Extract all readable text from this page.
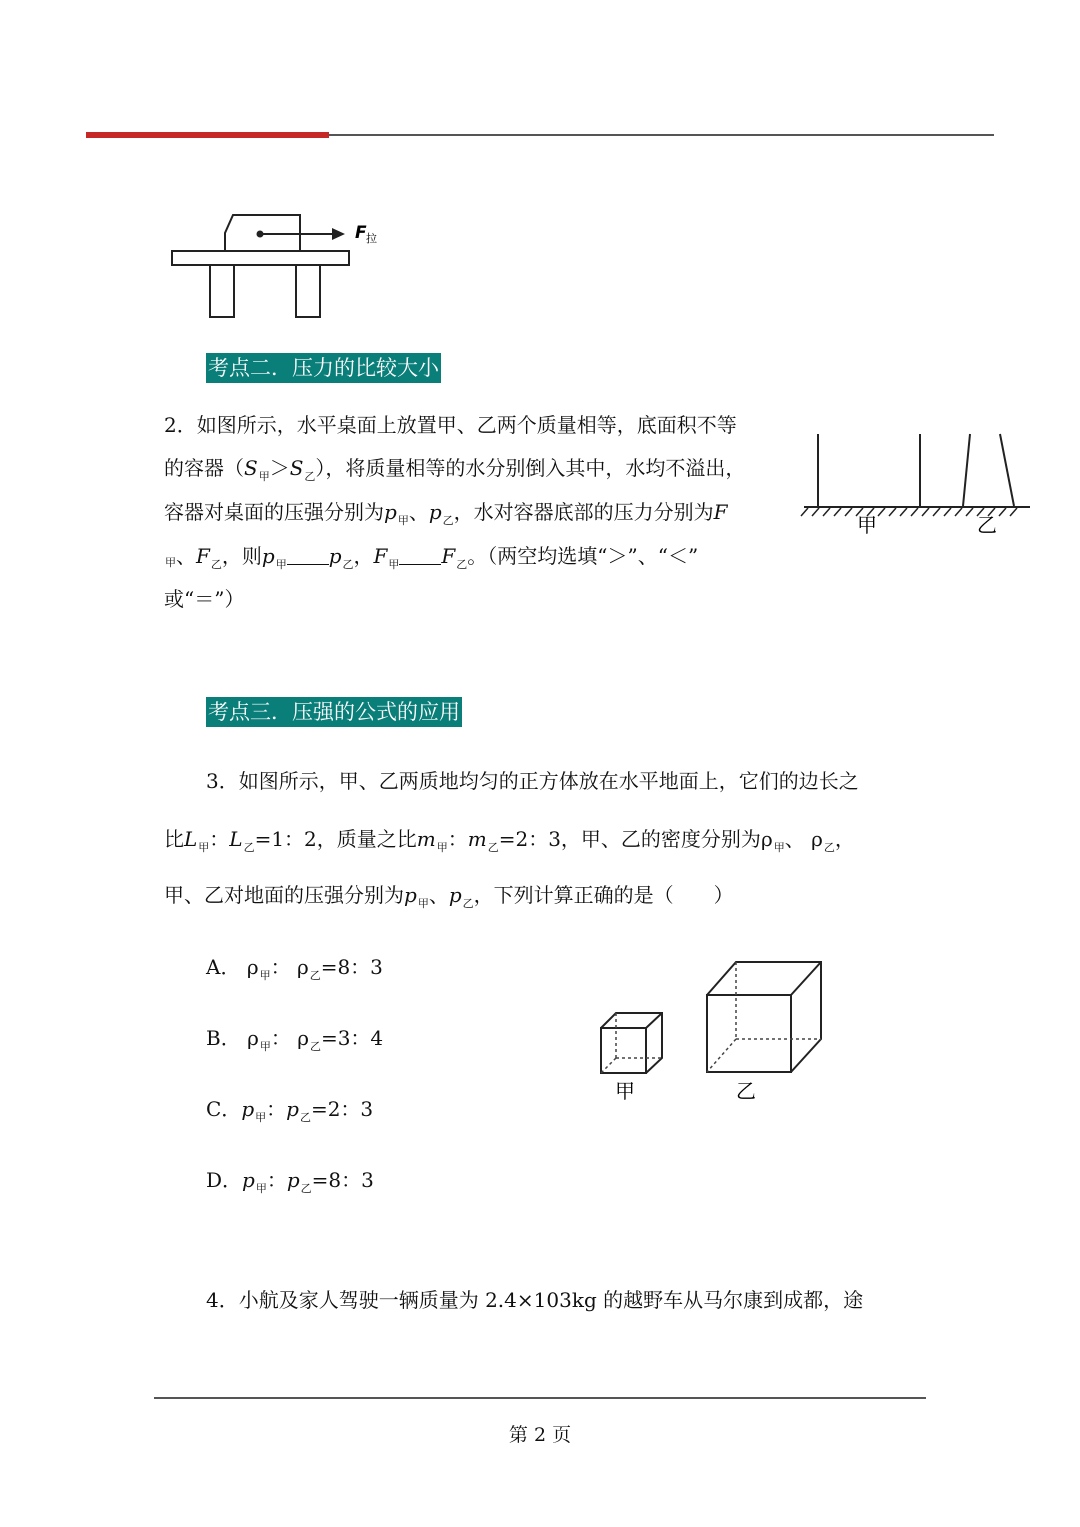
F 拉
考点二．压力的比较大小
2．如图所示，水平桌面上放置甲、乙两个质量相等，底面积不等
的容器$(S_甲>S_乙)$，将质量相等的水分别倒入其中，水均不溢出，
容器对桌面的压强分别为$p_甲$、$p_乙$，水对容器底部的压力分别为F
甲、$F_乙$，则$p_甲$ $p_乙$，$F_甲$ $F_乙$。（两空均选填“＞”、“＜”
或“＝”）
甲	乙
考点三．压强的公式的应用
3．如图所示，甲、乙两质地均匀的正方体放在水平地面上，它们的边长之
比$L_甲$：$L_乙=1$：2，质量之比$m_甲$：$m_乙=2$：3，甲、乙的密度分别为$\rho_甲$、 $\rho_乙$，
甲、乙对地面的压强分别为$p_甲$、$p_乙$，下列计算正确的是（　　）
A． $\rho_甲$： $\rho_乙=8$：3
B． $\rho_甲$： $\rho_乙=3$：4
C．$p_甲$：$p_乙=2$：3
D．$p_甲$：$p_乙=8$：3
甲	乙
4．小航及家人驾驶一辆质量为 2.4×103kg 的越野车从马尔康到成都，途
第 2 页
